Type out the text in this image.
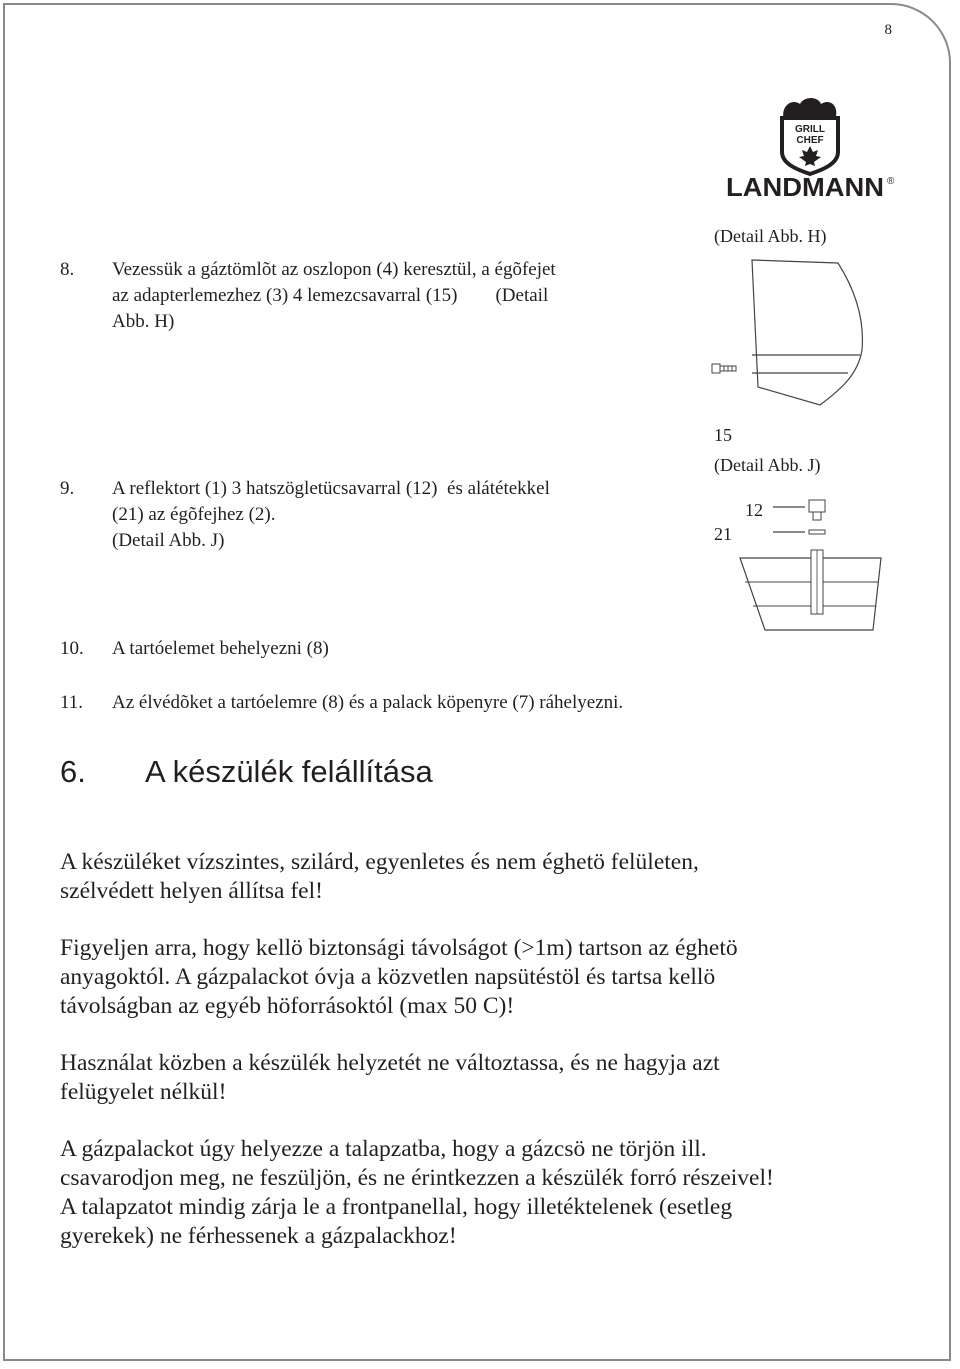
8
GRILL
CHEF
LANDMANN ®
8. Vezessük a gáztömlõt az oszlopon (4) keresztül, a égõfejet
az adapterlemezhez (3) 4 lemezcsavarral (15)        (Detail
Abb. H)
9. A reflektort (1) 3 hatszögletücsavarral (12)  és alátétekkel
(21) az égõfejhez (2).
(Detail Abb. J)
10. A tartóelemet behelyezni (8)
11. Az élvédõket a tartóelemre (8) és a palack köpenyre (7) ráhelyezni.
(Detail Abb. H)
15
(Detail Abb. J)
12
21
6. A készülék felállítása
A készüléket vízszintes, szilárd, egyenletes és nem éghetö felületen,
szélvédett helyen állítsa fel!
Figyeljen arra, hogy kellö biztonsági távolságot (>1m) tartson az éghetö
anyagoktól. A gázpalackot óvja a közvetlen napsütéstöl és tartsa kellö
távolságban az egyéb höforrásoktól (max 50 C)!
Használat közben a készülék helyzetét ne változtassa, és ne hagyja azt
felügyelet nélkül!
A gázpalackot úgy helyezze a talapzatba, hogy a gázcsö ne törjön ill.
csavarodjon meg, ne feszüljön, és ne érintkezzen a készülék forró részeivel!
A talapzatot mindig zárja le a frontpanellal, hogy illetéktelenek (esetleg
gyerekek) ne férhessenek a gázpalackhoz!
